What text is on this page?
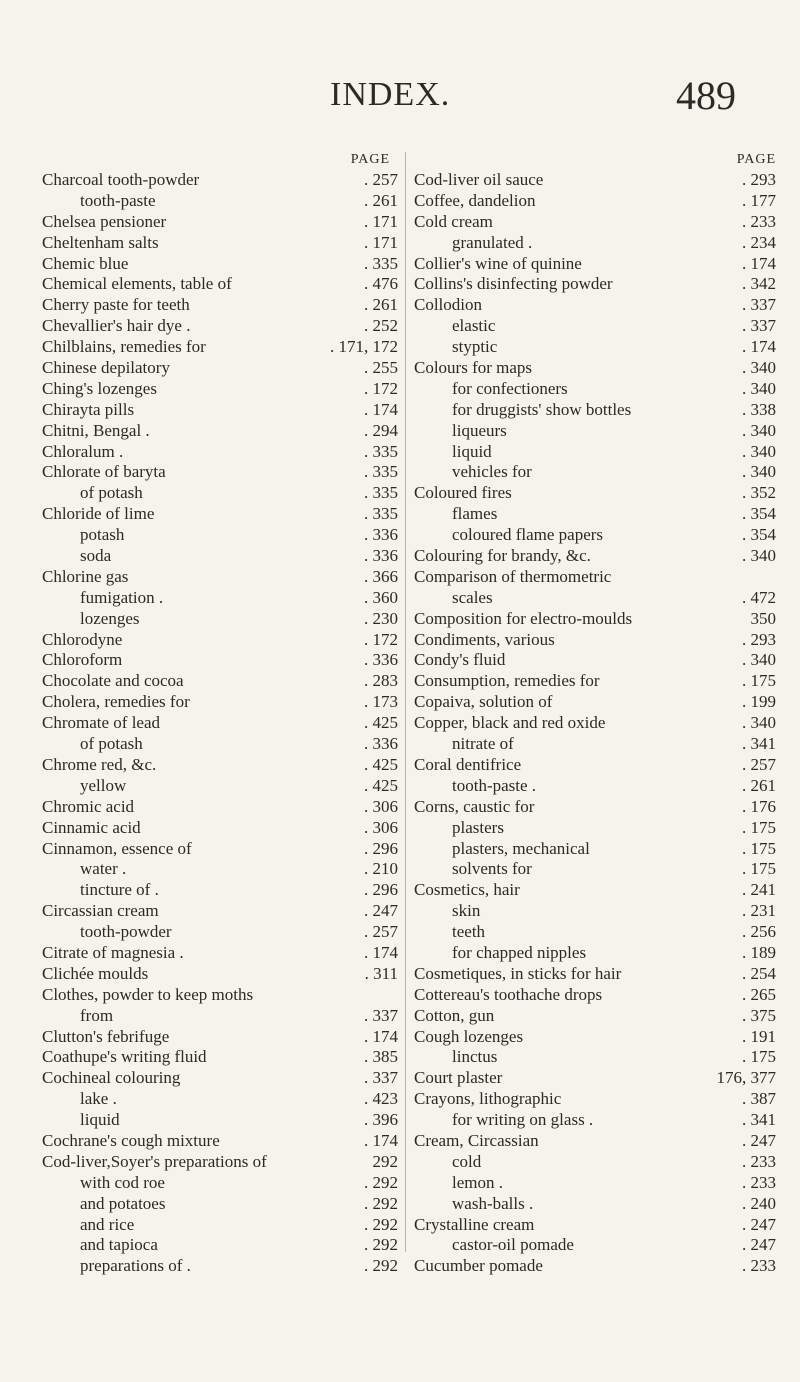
INDEX.	489
PAGE
Charcoal tooth-powder	. 257
tooth-paste	. 261
Chelsea pensioner	. 171
Cheltenham salts	. 171
Chemic blue	. 335
Chemical elements, table of	. 476
Cherry paste for teeth	. 261
Chevallier's hair dye .	. 252
Chilblains, remedies for	. 171, 172
Chinese depilatory	. 255
Ching's lozenges	. 172
Chirayta pills	. 174
Chitni, Bengal .	. 294
Chloralum .	. 335
Chlorate of baryta	. 335
of potash	. 335
Chloride of lime	. 335
potash	. 336
soda	. 336
Chlorine gas	. 366
fumigation .	. 360
lozenges	. 230
Chlorodyne	. 172
Chloroform	. 336
Chocolate and cocoa	. 283
Cholera, remedies for	. 173
Chromate of lead	. 425
of potash	. 336
Chrome red, &c.	. 425
yellow	. 425
Chromic acid	. 306
Cinnamic acid	. 306
Cinnamon, essence of	. 296
water .	. 210
tincture of .	. 296
Circassian cream	. 247
tooth-powder	. 257
Citrate of magnesia .	. 174
Clichée moulds	. 311
Clothes, powder to keep moths
from	. 337
Clutton's febrifuge	. 174
Coathupe's writing fluid	. 385
Cochineal colouring	. 337
lake .	. 423
liquid	. 396
Cochrane's cough mixture	. 174
Cod-liver,Soyer's preparations of	292
with cod roe	. 292
and potatoes	. 292
and rice	. 292
and tapioca	. 292
preparations of .	. 292
PAGE
Cod-liver oil sauce	. 293
Coffee, dandelion	. 177
Cold cream	. 233
granulated .	. 234
Collier's wine of quinine	. 174
Collins's disinfecting powder	. 342
Collodion	. 337
elastic	. 337
styptic	. 174
Colours for maps	. 340
for confectioners	. 340
for druggists' show bottles	. 338
liqueurs	. 340
liquid	. 340
vehicles for	. 340
Coloured fires	. 352
flames	. 354
coloured flame papers	. 354
Colouring for brandy, &c.	. 340
Comparison of thermometric
scales	. 472
Composition for electro-moulds	350
Condiments, various	. 293
Condy's fluid	. 340
Consumption, remedies for	. 175
Copaiva, solution of	. 199
Copper, black and red oxide	. 340
nitrate of	. 341
Coral dentifrice	. 257
tooth-paste .	. 261
Corns, caustic for	. 176
plasters	. 175
plasters, mechanical	. 175
solvents for	. 175
Cosmetics, hair	. 241
skin	. 231
teeth	. 256
for chapped nipples	. 189
Cosmetiques, in sticks for hair	. 254
Cottereau's toothache drops	. 265
Cotton, gun	. 375
Cough lozenges	. 191
linctus	. 175
Court plaster	176, 377
Crayons, lithographic	. 387
for writing on glass .	. 341
Cream, Circassian	. 247
cold	. 233
lemon .	. 233
wash-balls .	. 240
Crystalline cream	. 247
castor-oil pomade	. 247
Cucumber pomade	. 233
